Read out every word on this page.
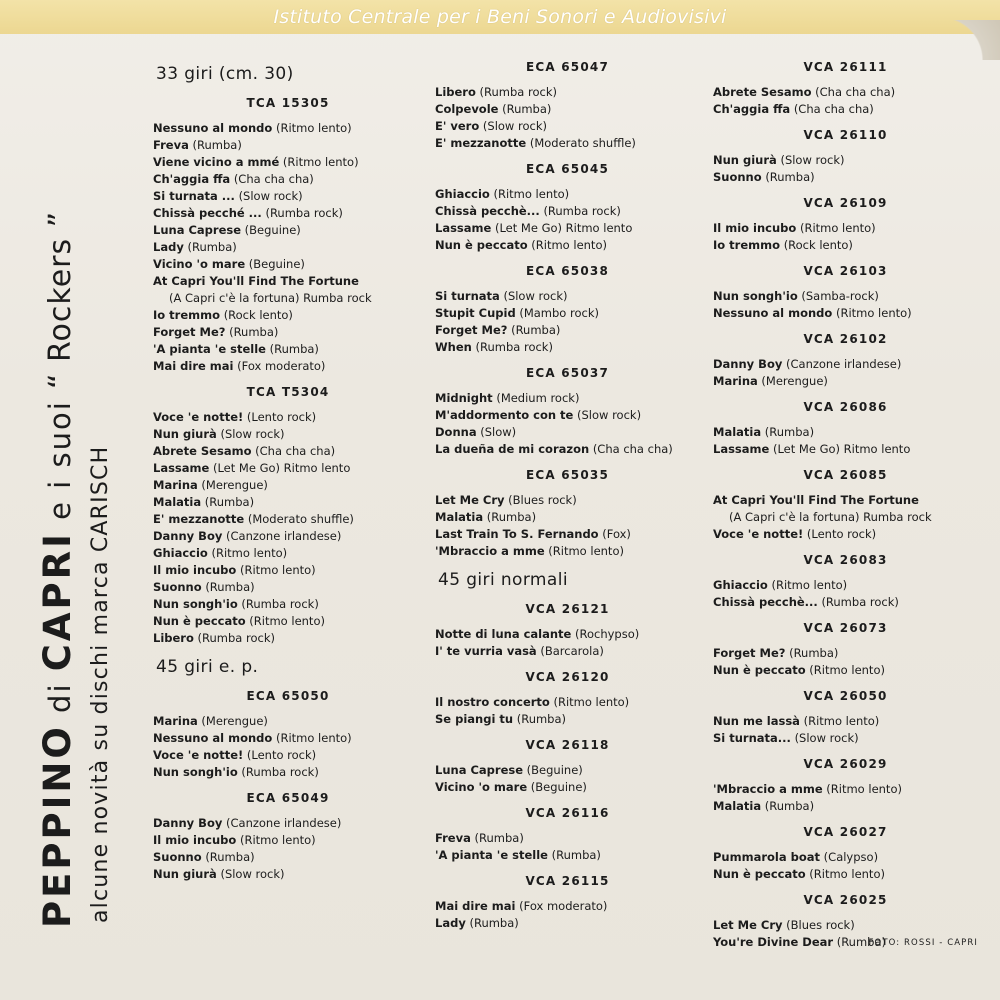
Istituto Centrale per i Beni Sonori e Audiovisivi
PEPPINO di CAPRI e i suoi “ Rockers ”
alcune novità su dischi marca CARISCH
33 giri (cm. 30)
TCA 15305
Nessuno al mondo (Ritmo lento)
Freva (Rumba)
Viene vicino a mmé (Ritmo lento)
Ch'aggia ffa (Cha cha cha)
Si turnata ... (Slow rock)
Chissà pecché ... (Rumba rock)
Luna Caprese (Beguine)
Lady (Rumba)
Vicino 'o mare (Beguine)
At Capri You'll Find The Fortune
(A Capri c'è la fortuna) Rumba rock
Io tremmo (Rock lento)
Forget Me? (Rumba)
'A pianta 'e stelle (Rumba)
Mai dire mai (Fox moderato)
TCA T5304
Voce 'e notte! (Lento rock)
Nun giurà (Slow rock)
Abrete Sesamo (Cha cha cha)
Lassame (Let Me Go) Ritmo lento
Marina (Merengue)
Malatia (Rumba)
E' mezzanotte (Moderato shuffle)
Danny Boy (Canzone irlandese)
Ghiaccio (Ritmo lento)
Il mio incubo (Ritmo lento)
Suonno (Rumba)
Nun songh'io (Rumba rock)
Nun è peccato (Ritmo lento)
Libero (Rumba rock)
45 giri e. p.
ECA 65050
Marina (Merengue)
Nessuno al mondo (Ritmo lento)
Voce 'e notte! (Lento rock)
Nun songh'io (Rumba rock)
ECA 65049
Danny Boy (Canzone irlandese)
Il mio incubo (Ritmo lento)
Suonno (Rumba)
Nun giurà (Slow rock)
ECA 65047
Libero (Rumba rock)
Colpevole (Rumba)
E' vero (Slow rock)
E' mezzanotte (Moderato shuffle)
ECA 65045
Ghiaccio (Ritmo lento)
Chissà pecchè... (Rumba rock)
Lassame (Let Me Go) Ritmo lento
Nun è peccato (Ritmo lento)
ECA 65038
Si turnata (Slow rock)
Stupit Cupid (Mambo rock)
Forget Me? (Rumba)
When (Rumba rock)
ECA 65037
Midnight (Medium rock)
M'addormento con te (Slow rock)
Donna (Slow)
La dueña de mi corazon (Cha cha cha)
ECA 65035
Let Me Cry (Blues rock)
Malatia (Rumba)
Last Train To S. Fernando (Fox)
'Mbraccio a mme (Ritmo lento)
45 giri normali
VCA 26121
Notte di luna calante (Rochypso)
I' te vurria vasà (Barcarola)
VCA 26120
Il nostro concerto (Ritmo lento)
Se piangi tu (Rumba)
VCA 26118
Luna Caprese (Beguine)
Vicino 'o mare (Beguine)
VCA 26116
Freva (Rumba)
'A pianta 'e stelle (Rumba)
VCA 26115
Mai dire mai (Fox moderato)
Lady (Rumba)
VCA 26111
Abrete Sesamo (Cha cha cha)
Ch'aggia ffa (Cha cha cha)
VCA 26110
Nun giurà (Slow rock)
Suonno (Rumba)
VCA 26109
Il mio incubo (Ritmo lento)
Io tremmo (Rock lento)
VCA 26103
Nun songh'io (Samba-rock)
Nessuno al mondo (Ritmo lento)
VCA 26102
Danny Boy (Canzone irlandese)
Marina (Merengue)
VCA 26086
Malatia (Rumba)
Lassame (Let Me Go) Ritmo lento
VCA 26085
At Capri You'll Find The Fortune
(A Capri c'è la fortuna) Rumba rock
Voce 'e notte! (Lento rock)
VCA 26083
Ghiaccio (Ritmo lento)
Chissà pecchè... (Rumba rock)
VCA 26073
Forget Me? (Rumba)
Nun è peccato (Ritmo lento)
VCA 26050
Nun me lassà (Ritmo lento)
Si turnata... (Slow rock)
VCA 26029
'Mbraccio a mme (Ritmo lento)
Malatia (Rumba)
VCA 26027
Pummarola boat (Calypso)
Nun è peccato (Ritmo lento)
VCA 26025
Let Me Cry (Blues rock)
You're Divine Dear (Rumba)
FOTO: ROSSI - CAPRI
